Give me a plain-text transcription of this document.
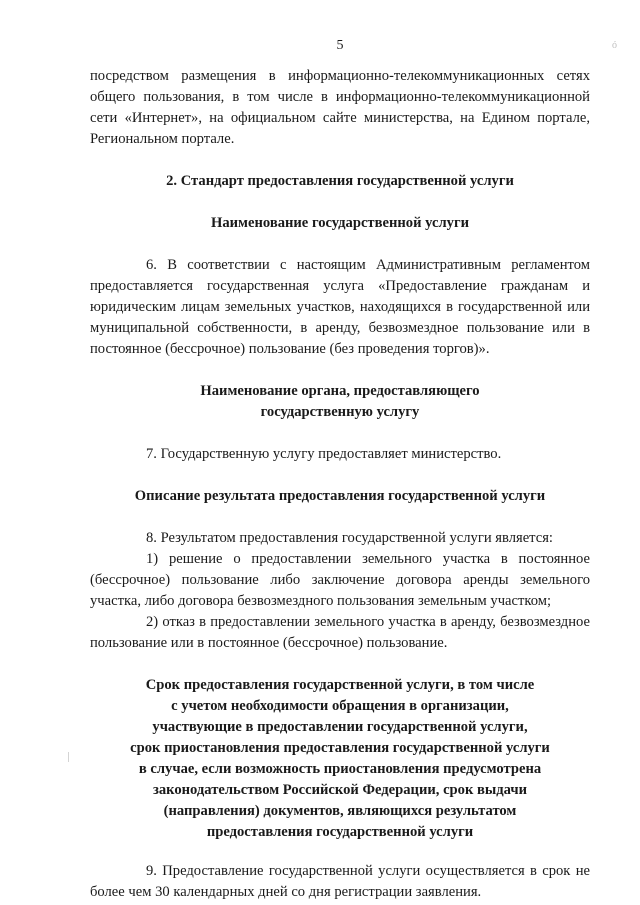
5	ó

посредством размещения в информационно-телекоммуникационных сетях общего пользования, в том числе в информационно-телекоммуникационной сети «Интернет», на официальном сайте министерства, на Едином портале, Региональном портале.

2. Стандарт предоставления государственной услуги

Наименование государственной услуги

6. В соответствии с настоящим Административным регламентом предоставляется государственная услуга «Предоставление гражданам и юридическим лицам земельных участков, находящихся в государственной или муниципальной собственности, в аренду, безвозмездное пользование или в постоянное (бессрочное) пользование (без проведения торгов)».

Наименование органа, предоставляющего

государственную услугу

7. Государственную услугу предоставляет министерство.

Описание результата предоставления государственной услуги

8. Результатом предоставления государственной услуги является:

1) решение о предоставлении земельного участка в постоянное (бессрочное) пользование либо заключение договора аренды земельного участка, либо договора безвозмездного пользования земельным участком;

2) отказ в предоставлении земельного участка в аренду, безвозмездное пользование или в постоянное (бессрочное) пользование.

Срок предоставления государственной услуги, в том числе

с учетом необходимости обращения в организации,

участвующие в предоставлении государственной услуги,

срок приостановления предоставления государственной услуги

в случае, если возможность приостановления предусмотрена

законодательством Российской Федерации, срок выдачи

(направления) документов, являющихся результатом

предоставления государственной услуги

9. Предоставление государственной услуги осуществляется в срок не более чем 30 календарных дней со дня регистрации заявления.
